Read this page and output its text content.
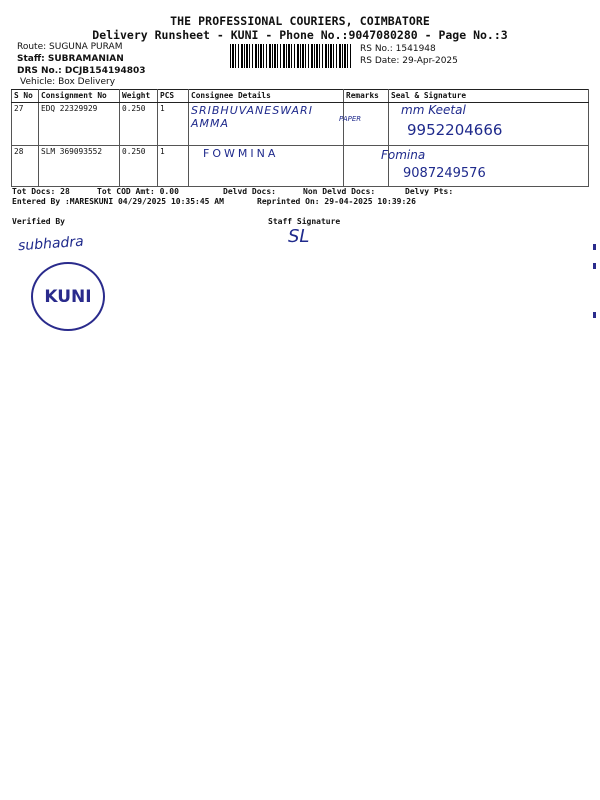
THE PROFESSIONAL COURIERS, COIMBATORE
Delivery Runsheet - KUNI - Phone No.:9047080280 - Page No.:3
Route: SUGUNA PURAM
Staff: SUBRAMANIAN
DRS No.: DCJB154194803
Vehicle: Box Delivery
RS No.: 1541948
RS Date: 29-Apr-2025
S No	Consignment No	Weight	PCS	Consignee Details	Remarks	Seal & Signature
27	EDQ 22329929	0.250	1	SRIBHUVANESWARI AMMA PAPER		mm Keetal
9952204666

28	SLM 369093552	0.250	1	FOWMINA		Fomina
9087249576
Tot Docs: 28	Tot COD Amt: 0.00	Delvd Docs:	Non Delvd Docs:	Delvy Pts:
Entered By :MARESKUNI 04/29/2025 10:35:45 AM	Reprinted On: 29-04-2025 10:39:26
Verified By	Staff Signature
subhadra	SL
KUNI
